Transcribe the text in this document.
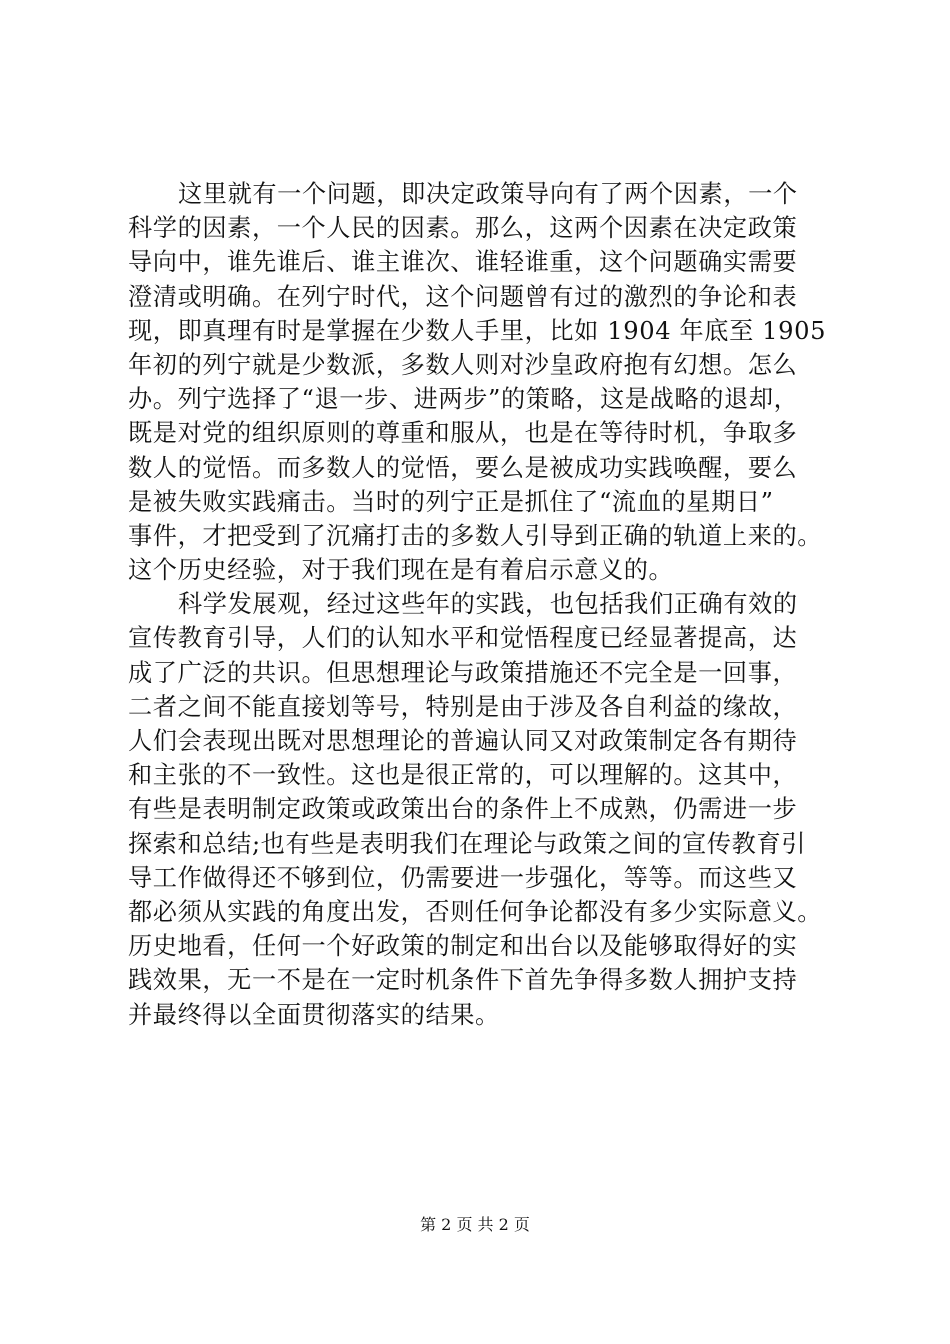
这里就有一个问题，即决定政策导向有了两个因素，一个
科学的因素，一个人民的因素。那么，这两个因素在决定政策
导向中，谁先谁后、谁主谁次、谁轻谁重，这个问题确实需要
澄清或明确。在列宁时代，这个问题曾有过的激烈的争论和表
现，即真理有时是掌握在少数人手里，比如 1904 年底至 1905
年初的列宁就是少数派，多数人则对沙皇政府抱有幻想。怎么
办。列宁选择了“退一步、进两步”的策略，这是战略的退却，
既是对党的组织原则的尊重和服从，也是在等待时机，争取多
数人的觉悟。而多数人的觉悟，要么是被成功实践唤醒，要么
是被失败实践痛击。当时的列宁正是抓住了“流血的星期日”
事件，才把受到了沉痛打击的多数人引导到正确的轨道上来的。
这个历史经验，对于我们现在是有着启示意义的。
科学发展观，经过这些年的实践，也包括我们正确有效的
宣传教育引导，人们的认知水平和觉悟程度已经显著提高，达
成了广泛的共识。但思想理论与政策措施还不完全是一回事，
二者之间不能直接划等号，特别是由于涉及各自利益的缘故，
人们会表现出既对思想理论的普遍认同又对政策制定各有期待
和主张的不一致性。这也是很正常的，可以理解的。这其中，
有些是表明制定政策或政策出台的条件上不成熟，仍需进一步
探索和总结;也有些是表明我们在理论与政策之间的宣传教育引
导工作做得还不够到位，仍需要进一步强化，等等。而这些又
都必须从实践的角度出发，否则任何争论都没有多少实际意义。
历史地看，任何一个好政策的制定和出台以及能够取得好的实
践效果，无一不是在一定时机条件下首先争得多数人拥护支持
并最终得以全面贯彻落实的结果。
第 2 页 共 2 页
